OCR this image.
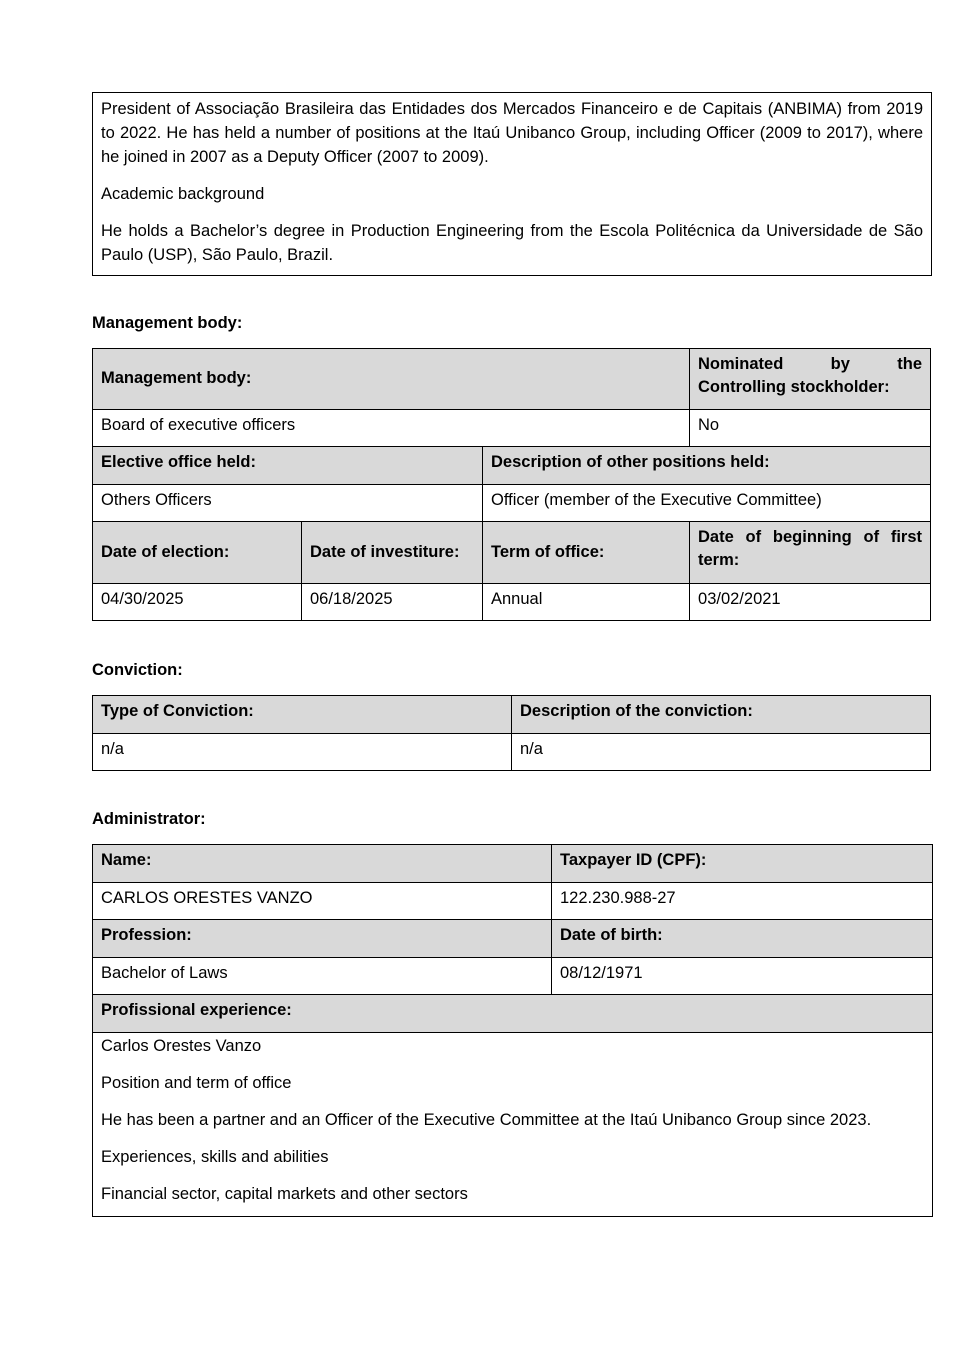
President of Associação Brasileira das Entidades dos Mercados Financeiro e de Capitais (ANBIMA) from 2019 to 2022. He has held a number of positions at the Itaú Unibanco Group, including Officer (2009 to 2017), where he joined in 2007 as a Deputy Officer (2007 to 2009).

Academic background

He holds a Bachelor’s degree in Production Engineering from the Escola Politécnica da Universidade de São Paulo (USP), São Paulo, Brazil.

Management body:
Management body:			Nominated by the Controlling stockholder:
Board of executive officers			No
Elective office held:		Description of other positions held:	
Others Officers		Officer (member of the Executive Committee)	
Date of election:	Date of investiture:	Term of office:	Date of beginning of first term:
04/30/2025	06/18/2025	Annual	03/02/2021
Conviction:
Type of Conviction:	Description of the conviction:
n/a	n/a
Administrator:
Name:	Taxpayer ID (CPF):
CARLOS ORESTES VANZO	122.230.988-27
Profession:	Date of birth:
Bachelor of Laws	08/12/1971
Profissional experience:	

Carlos Orestes Vanzo

Position and term of office

He has been a partner and an Officer of the Executive Committee at the Itaú Unibanco Group since 2023.

Experiences, skills and abilities

Financial sector, capital markets and other sectors	
